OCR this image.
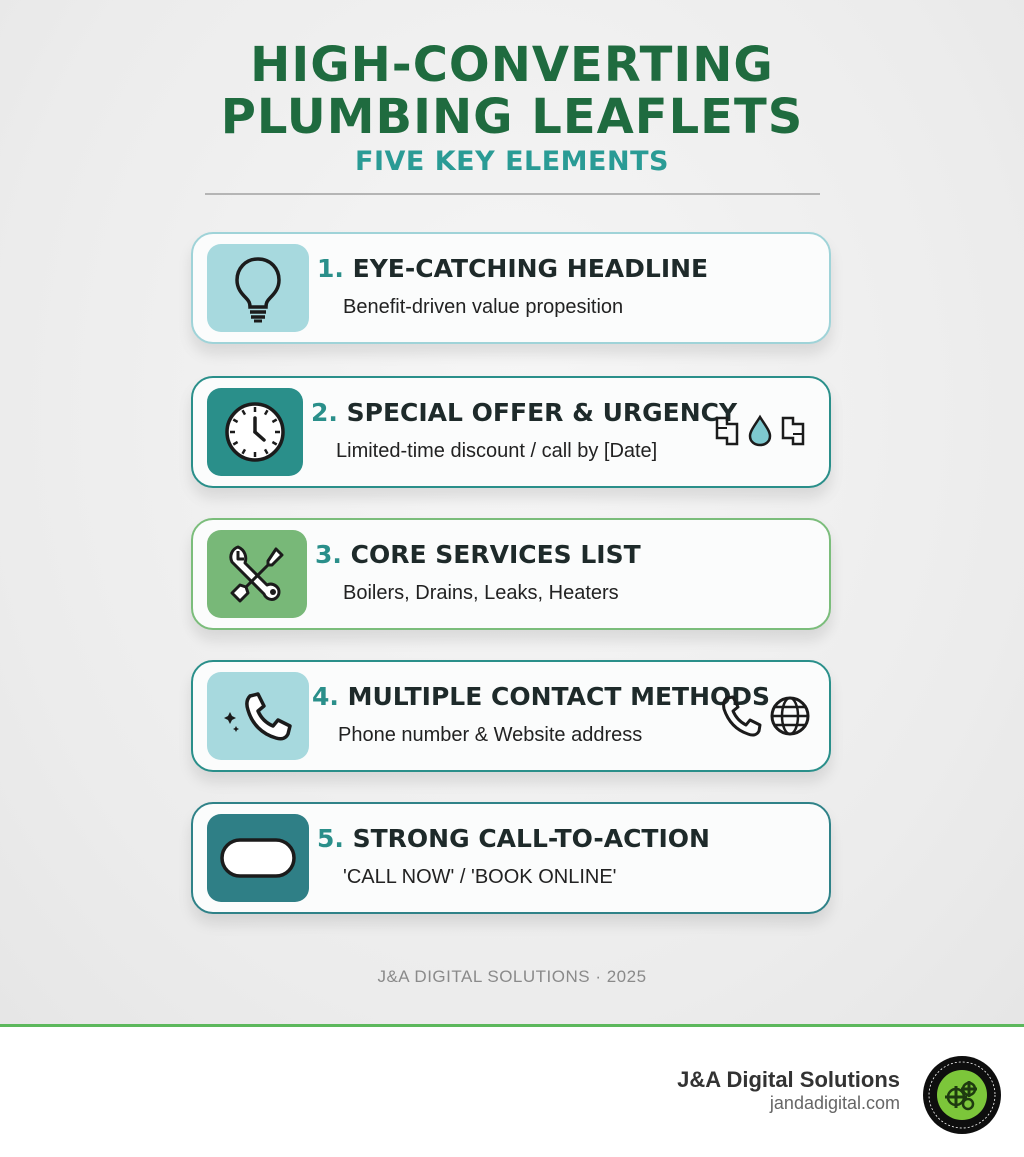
HIGH-CONVERTING
PLUMBING LEAFLETS
FIVE KEY ELEMENTS
1. EYE-CATCHING HEADLINE
Benefit-driven value propesition
2. SPECIAL OFFER & URGENCY
Limited-time discount / call by [Date]
3. CORE SERVICES LIST
Boilers, Drains, Leaks, Heaters
4. MULTIPLE CONTACT METHODS
Phone number & Website address
5. STRONG CALL-TO-ACTION
'CALL NOW' / 'BOOK ONLINE'
J&A DIGITAL SOLUTIONS · 2025
J&A Digital Solutions
jandadigital.com
